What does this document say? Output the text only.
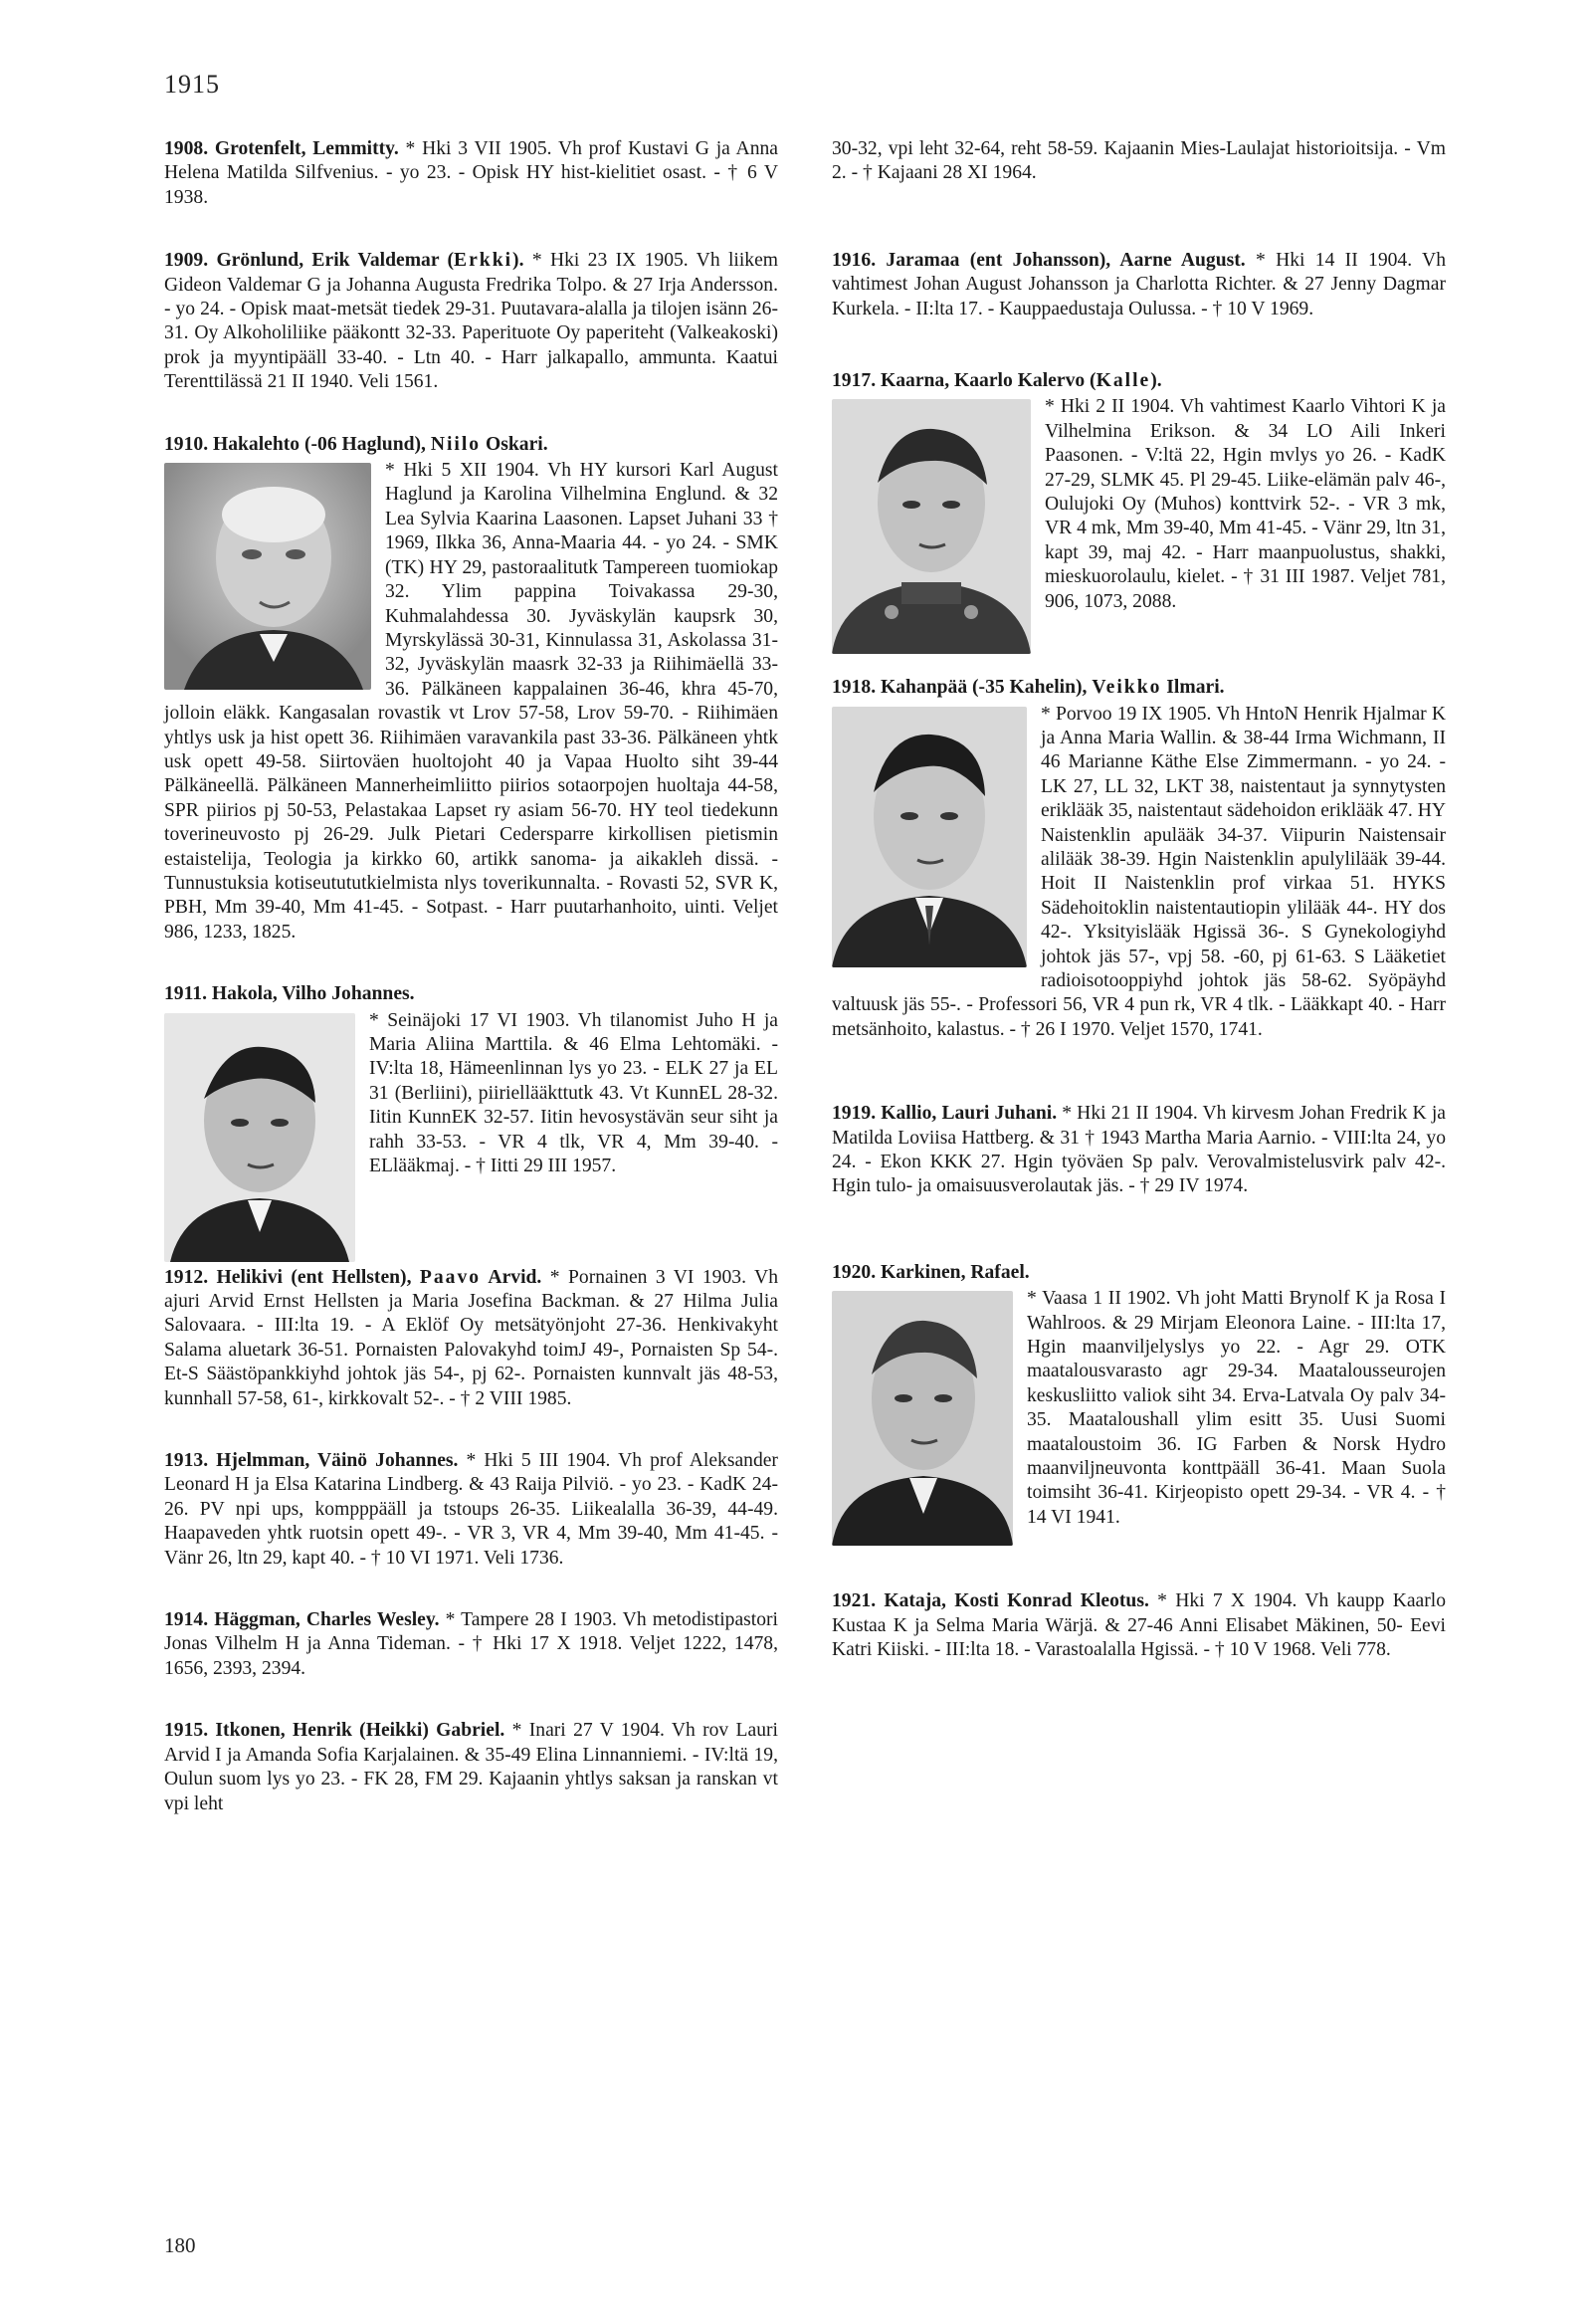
1915

1908. Grotenfelt, Lemmitty. * Hki 3 VII 1905. Vh prof Kustavi G ja Anna Helena Matilda Silfvenius. - yo 23. - Opisk HY hist-kielitiet osast. - † 6 V 1938.

1909. Grönlund, Erik Valdemar (Erkki). * Hki 23 IX 1905. Vh liikem Gideon Valdemar G ja Johanna Augusta Fredrika Tolpo. & 27 Irja Andersson. - yo 24. - Opisk maat-metsät tiedek 29-31. Puutavara-alalla ja tilojen isänn 26-31. Oy Alkoholiliike pääkontt 32-33. Paperituote Oy paperiteht (Valkeakoski) prok ja myyntipääll 33-40. - Ltn 40. - Harr jalkapallo, ammunta. Kaatui Terenttilässä 21 II 1940. Veli 1561.

1910. Hakalehto (-06 Haglund), Niilo Oskari.

* Hki 5 XII 1904. Vh HY kursori Karl August Haglund ja Karolina Vilhelmina Englund. & 32 Lea Sylvia Kaarina Laasonen. Lapset Juhani 33 † 1969, Ilkka 36, Anna-Maaria 44. - yo 24. - SMK (TK) HY 29, pastoraalitutk Tampereen tuomiokap 32. Ylim pappina Toivakassa 29-30, Kuhmalahdessa 30. Jyväskylän kaupsrk 30, Myrskylässä 30-31, Kinnulassa 31, Askolassa 31-32, Jyväskylän maasrk 32-33 ja Riihimäellä 33-36. Pälkäneen kappalainen 36-46, khra 45-70, jolloin eläkk. Kangasalan rovastik vt Lrov 57-58, Lrov 59-70. - Riihimäen yhtlys usk ja hist opett 36. Riihimäen varavankila past 33-36. Pälkäneen yhtk usk opett 49-58. Siirtoväen huoltojoht 40 ja Vapaa Huolto siht 39-44 Pälkäneellä. Pälkäneen Mannerheimliitto piirios sotaorpojen huoltaja 44-58, SPR piirios pj 50-53, Pelastakaa Lapset ry asiam 56-70. HY teol tiedekunn toverineuvosto pj 26-29. Julk Pietari Cedersparre kirkollisen pietismin estaistelija, Teologia ja kirkko 60, artikk sanoma- ja aikakleh dissä. - Tunnustuksia kotiseutututkielmista nlys toverikunnalta. - Rovasti 52, SVR K, PBH, Mm 39-40, Mm 41-45. - Sotpast. - Harr puutarhanhoito, uinti. Veljet 986, 1233, 1825.

1911. Hakola, Vilho Johannes.

* Seinäjoki 17 VI 1903. Vh tilanomist Juho H ja Maria Aliina Marttila. & 46 Elma Lehtomäki. - IV:lta 18, Hämeenlinnan lys yo 23. - ELK 27 ja EL 31 (Berliini), piiriellääkttutk 43. Vt KunnEL 28-32. Iitin KunnEK 32-57. Iitin hevosystävän seur siht ja rahh 33-53. - VR 4 tlk, VR 4, Mm 39-40. - ELlääkmaj. - † Iitti 29 III 1957.

1912. Helikivi (ent Hellsten), Paavo Arvid. * Pornainen 3 VI 1903. Vh ajuri Arvid Ernst Hellsten ja Maria Josefina Backman. & 27 Hilma Julia Salovaara. - III:lta 19. - A Eklöf Oy metsätyönjoht 27-36. Henkivakyht Salama aluetark 36-51. Pornaisten Palovakyhd toimJ 49-, Pornaisten Sp 54-. Et-S Säästöpankkiyhd johtok jäs 54-, pj 62-. Pornaisten kunnvalt jäs 48-53, kunnhall 57-58, 61-, kirkkovalt 52-. - † 2 VIII 1985.

1913. Hjelmman, Väinö Johannes. * Hki 5 III 1904. Vh prof Aleksander Leonard H ja Elsa Katarina Lindberg. & 43 Raija Pilviö. - yo 23. - KadK 24-26. PV npi ups, kompppääll ja tstoups 26-35. Liikealalla 36-39, 44-49. Haapaveden yhtk ruotsin opett 49-. - VR 3, VR 4, Mm 39-40, Mm 41-45. - Vänr 26, ltn 29, kapt 40. - † 10 VI 1971. Veli 1736.

1914. Häggman, Charles Wesley. * Tampere 28 I 1903. Vh metodistipastori Jonas Vilhelm H ja Anna Tideman. - † Hki 17 X 1918. Veljet 1222, 1478, 1656, 2393, 2394.

1915. Itkonen, Henrik (Heikki) Gabriel. * Inari 27 V 1904. Vh rov Lauri Arvid I ja Amanda Sofia Karjalainen. & 35-49 Elina Linnanniemi. - IV:ltä 19, Oulun suom lys yo 23. - FK 28, FM 29. Kajaanin yhtlys saksan ja ranskan vt vpi leht

30-32, vpi leht 32-64, reht 58-59. Kajaanin Mies-Laulajat historioitsija. - Vm 2. - † Kajaani 28 XI 1964.

1916. Jaramaa (ent Johansson), Aarne August. * Hki 14 II 1904. Vh vahtimest Johan August Johansson ja Charlotta Richter. & 27 Jenny Dagmar Kurkela. - II:lta 17. - Kauppaedustaja Oulussa. - † 10 V 1969.

1917. Kaarna, Kaarlo Kalervo (Kalle).

* Hki 2 II 1904. Vh vahtimest Kaarlo Vihtori K ja Vilhelmina Erikson. & 34 LO Aili Inkeri Paasonen. - V:ltä 22, Hgin mvlys yo 26. - KadK 27-29, SLMK 45. Pl 29-45. Liike-elämän palv 46-, Oulujoki Oy (Muhos) konttvirk 52-. - VR 3 mk, VR 4 mk, Mm 39-40, Mm 41-45. - Vänr 29, ltn 31, kapt 39, maj 42. - Harr maanpuolustus, shakki, mieskuorolaulu, kielet. - † 31 III 1987. Veljet 781, 906, 1073, 2088.

1918. Kahanpää (-35 Kahelin), Veikko Ilmari.

* Porvoo 19 IX 1905. Vh HntoN Henrik Hjalmar K ja Anna Maria Wallin. & 38-44 Irma Wichmann, II 46 Marianne Käthe Else Zimmermann. - yo 24. - LK 27, LL 32, LKT 38, naistentaut ja synnytysten eriklääk 35, naistentaut sädehoidon eriklääk 47. HY Naistenklin apulääk 34-37. Viipurin Naistensair alilääk 38-39. Hgin Naistenklin apulylilääk 39-44. Hoit II Naistenklin prof virkaa 51. HYKS Sädehoitoklin naistentautiopin ylilääk 44-. HY dos 42-. Yksityislääk Hgissä 36-. S Gynekologiyhd johtok jäs 57-, vpj 58. -60, pj 61-63. S Lääketiet radioisotooppiyhd johtok jäs 58-62. Syöpäyhd valtuusk jäs 55-. - Professori 56, VR 4 pun rk, VR 4 tlk. - Lääkkapt 40. - Harr metsänhoito, kalastus. - † 26 I 1970. Veljet 1570, 1741.

1919. Kallio, Lauri Juhani. * Hki 21 II 1904. Vh kirvesm Johan Fredrik K ja Matilda Loviisa Hattberg. & 31 † 1943 Martha Maria Aarnio. - VIII:lta 24, yo 24. - Ekon KKK 27. Hgin työväen Sp palv. Verovalmistelusvirk palv 42-. Hgin tulo- ja omaisuusverolautak jäs. - † 29 IV 1974.

1920. Karkinen, Rafael.

* Vaasa 1 II 1902. Vh joht Matti Brynolf K ja Rosa I Wahlroos. & 29 Mirjam Eleonora Laine. - III:lta 17, Hgin maanviljelyslys yo 22. - Agr 29. OTK maatalousvarasto agr 29-34. Maatalousseurojen keskusliitto valiok siht 34. Erva-Latvala Oy palv 34-35. Maataloushall ylim esitt 35. Uusi Suomi maataloustoim 36. IG Farben & Norsk Hydro maanviljneuvonta konttpääll 36-41. Maan Suola toimsiht 36-41. Kirjeopisto opett 29-34. - VR 4. - † 14 VI 1941.

1921. Kataja, Kosti Konrad Kleotus. * Hki 7 X 1904. Vh kaupp Kaarlo Kustaa K ja Selma Maria Wärjä. & 27-46 Anni Elisabet Mäkinen, 50- Eevi Katri Kiiski. - III:lta 18. - Varastoalalla Hgissä. - † 10 V 1968. Veli 778.

180
